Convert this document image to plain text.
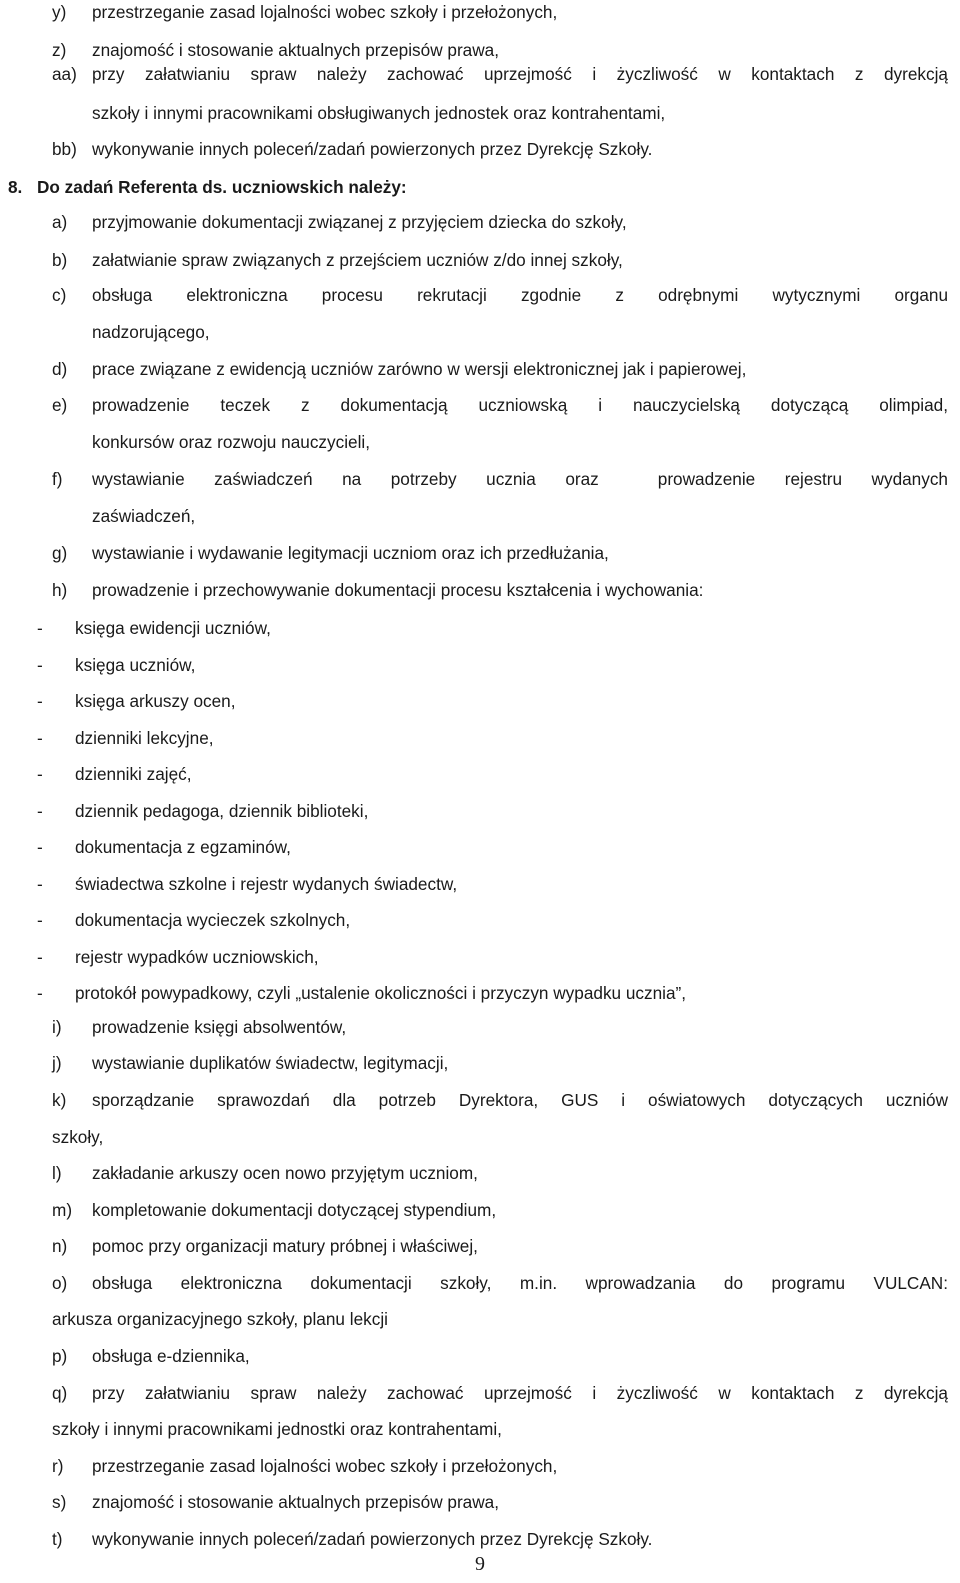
y) przestrzeganie zasad lojalności wobec szkoły i przełożonych,
z) znajomość i stosowanie aktualnych przepisów prawa,
aa) przy załatwianiu spraw należy zachować uprzejmość i życzliwość w kontaktach z dyrekcją
szkoły i innymi pracownikami obsługiwanych jednostek oraz kontrahentami,
bb) wykonywanie innych poleceń/zadań powierzonych przez Dyrekcję Szkoły.
8. Do zadań Referenta ds. uczniowskich należy:
a) przyjmowanie dokumentacji związanej z przyjęciem dziecka do szkoły,
b) załatwianie spraw związanych z przejściem uczniów z/do innej szkoły,
c) obsługa elektroniczna procesu rekrutacji zgodnie z odrębnymi wytycznymi organu
nadzorującego,
d) prace związane z ewidencją uczniów zarówno w wersji elektronicznej jak i papierowej,
e) prowadzenie teczek z dokumentacją uczniowską i nauczycielską dotyczącą olimpiad,
konkursów oraz rozwoju nauczycieli,
f) wystawianie zaświadczeń na potrzeby ucznia oraz  prowadzenie rejestru wydanych
zaświadczeń,
g) wystawianie i wydawanie legitymacji uczniom oraz ich przedłużania,
h) prowadzenie i przechowywanie dokumentacji procesu kształcenia i wychowania:
- księga ewidencji uczniów,
- księga uczniów,
- księga arkuszy ocen,
- dzienniki lekcyjne,
- dzienniki zajęć,
- dziennik pedagoga, dziennik biblioteki,
- dokumentacja z egzaminów,
- świadectwa szkolne i rejestr wydanych świadectw,
- dokumentacja wycieczek szkolnych,
- rejestr wypadków uczniowskich,
- protokół powypadkowy, czyli „ustalenie okoliczności i przyczyn wypadku ucznia”,
i) prowadzenie księgi absolwentów,
j) wystawianie duplikatów świadectw, legitymacji,
k) sporządzanie sprawozdań dla potrzeb Dyrektora, GUS i oświatowych dotyczących uczniów
szkoły,
l) zakładanie arkuszy ocen nowo przyjętym uczniom,
m) kompletowanie dokumentacji dotyczącej stypendium,
n) pomoc przy organizacji matury próbnej i właściwej,
o) obsługa elektroniczna dokumentacji szkoły, m.in. wprowadzania do programu VULCAN:
arkusza organizacyjnego szkoły, planu lekcji
p) obsługa e-dziennika,
q) przy załatwianiu spraw należy zachować uprzejmość i życzliwość w kontaktach z dyrekcją
szkoły i innymi pracownikami jednostki oraz kontrahentami,
r) przestrzeganie zasad lojalności wobec szkoły i przełożonych,
s) znajomość i stosowanie aktualnych przepisów prawa,
t) wykonywanie innych poleceń/zadań powierzonych przez Dyrekcję Szkoły.
9
